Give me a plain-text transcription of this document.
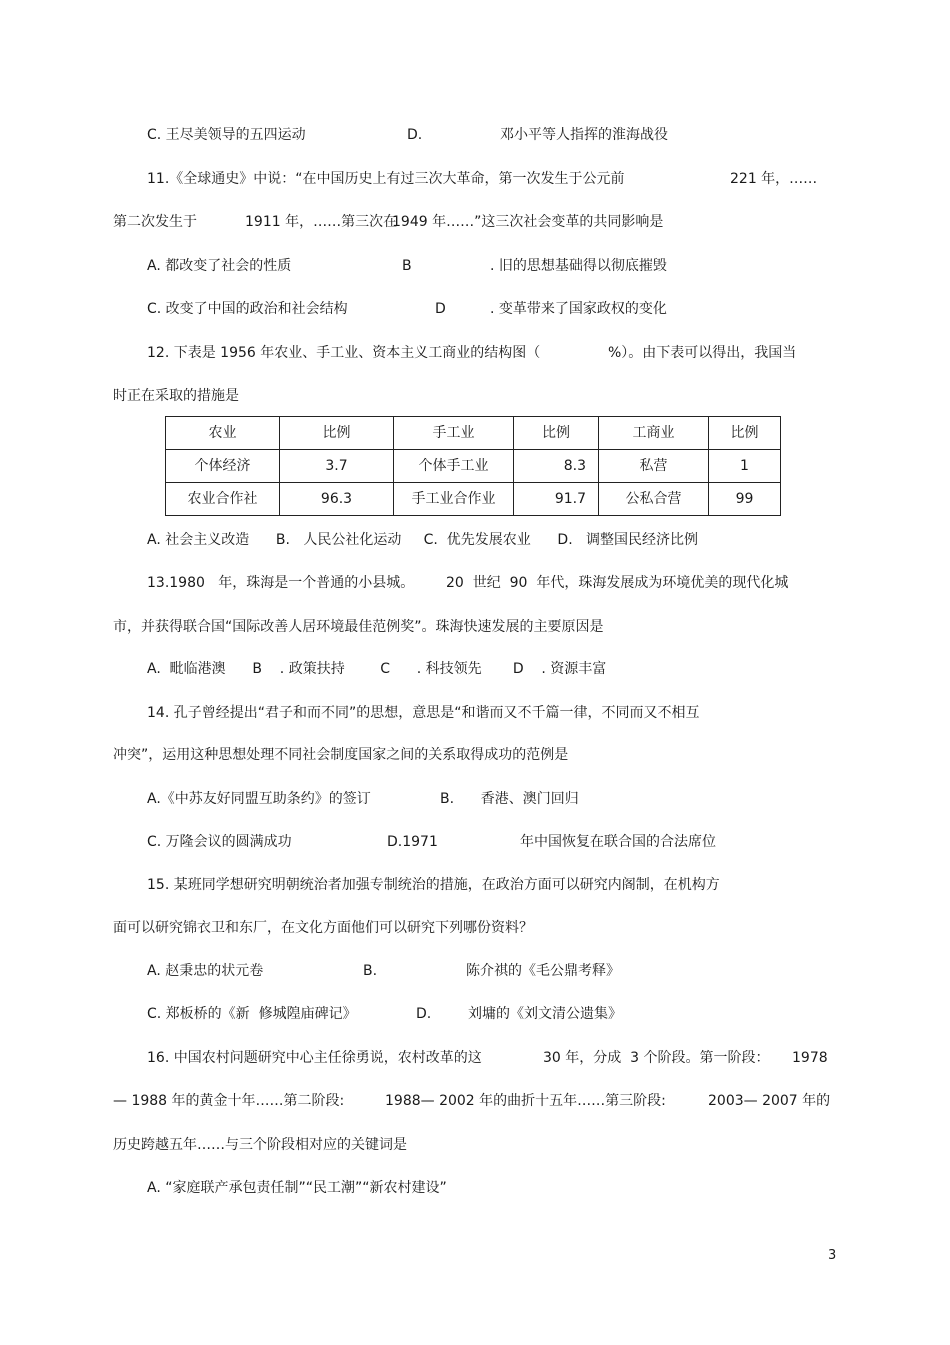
C. 王尽美领导的五四运动	D.	邓小平等人指挥的淮海战役
11.《全球通史》中说：“在中国历史上有过三次大革命，第一次发生于公元前	221 年，……
第二次发生于	1911 年，……第三次在
1949 年……”这三次社会变革的共同影响是
A. 都改变了社会的性质	B	. 旧的思想基础得以彻底摧毁
C. 改变了中国的政治和社会结构	D	. 变革带来了国家政权的变化
12. 下表是 1956 年农业、手工业、资本主义工商业的结构图（	%）。由下表可以得出，我国当
时正在采取的措施是
农业	比例	手工业	比例	工商业	比例
个体经济	3.7	个体手工业	8.3	私营	1
农业合作社	96.3	手工业合作业	91.7	公私合营	99
A. 社会主义改造      B.   人民公社化运动     C.  优先发展农业      D.   调整国民经济比例
13.1980   年，珠海是一个普通的小县城。 20  世纪  90  年代，珠海发展成为环境优美的现代化城
市，并获得联合国“国际改善人居环境最佳范例奖”。珠海快速发展的主要原因是
A.  毗临港澳      B    . 政策扶持        C      . 科技领先       D    . 资源丰富
14. 孔子曾经提出“君子和而不同”的思想，意思是“和谐而又不千篇一律，不同而又不相互
冲突”，运用这种思想处理不同社会制度国家之间的关系取得成功的范例是
A.《中苏友好同盟互助条约》的签订	B.      香港、澳门回归
C. 万隆会议的圆满成功	D.1971	年中国恢复在联合国的合法席位
15. 某班同学想研究明朝统治者加强专制统治的措施，在政治方面可以研究内阁制，在机构方
面可以研究锦衣卫和东厂，在文化方面他们可以研究下列哪份资料？
A. 赵秉忠的状元卷	B.	陈介祺的《毛公鼎考释》
C. 郑板桥的《新  修城隍庙碑记》	D.	刘墉的《刘文清公遗集》
16. 中国农村问题研究中心主任徐勇说，农村改革的这	30 年，分成  3 个阶段。第一阶段： 1978
— 1988 年的黄金十年……第二阶段:	1988— 2002 年的曲折十五年……第三阶段:	2003— 2007 年的
历史跨越五年……与三个阶段相对应的关键词是
A. “家庭联产承包责任制”“民工潮”“新农村建设”
3
